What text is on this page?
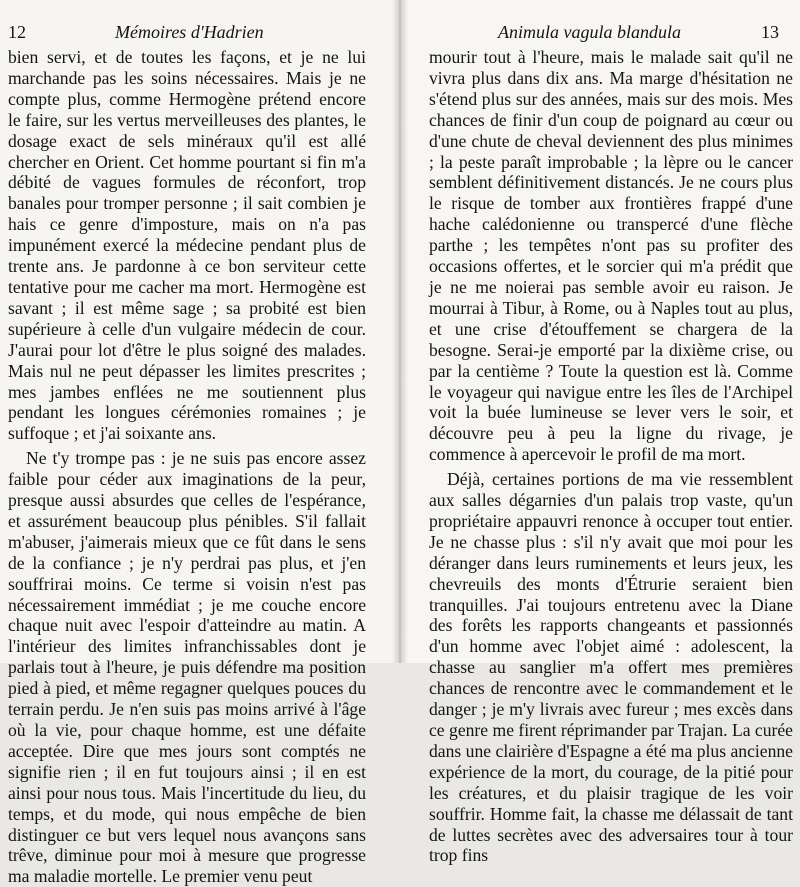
12	Mémoires d'Hadrien

bien servi, et de toutes les façons, et je ne lui marchande pas les soins nécessaires. Mais je ne compte plus, comme Hermogène prétend encore le faire, sur les vertus merveilleuses des plantes, le dosage exact de sels minéraux qu'il est allé chercher en Orient. Cet homme pourtant si fin m'a débité de vagues formules de réconfort, trop banales pour tromper personne ; il sait combien je hais ce genre d'imposture, mais on n'a pas impunément exercé la médecine pendant plus de trente ans. Je pardonne à ce bon serviteur cette tentative pour me cacher ma mort. Hermogène est savant ; il est même sage ; sa probité est bien supérieure à celle d'un vulgaire médecin de cour. J'aurai pour lot d'être le plus soigné des malades. Mais nul ne peut dépasser les limites prescrites ; mes jambes enflées ne me soutiennent plus pendant les longues cérémonies romaines ; je suffoque ; et j'ai soixante ans.

Ne t'y trompe pas : je ne suis pas encore assez faible pour céder aux imaginations de la peur, presque aussi absurdes que celles de l'espérance, et assurément beaucoup plus pénibles. S'il fallait m'abuser, j'aimerais mieux que ce fût dans le sens de la confiance ; je n'y perdrai pas plus, et j'en souffrirai moins. Ce terme si voisin n'est pas nécessairement immédiat ; je me couche encore chaque nuit avec l'espoir d'atteindre au matin. A l'intérieur des limites infranchissables dont je parlais tout à l'heure, je puis défendre ma position pied à pied, et même regagner quelques pouces du terrain perdu. Je n'en suis pas moins arrivé à l'âge où la vie, pour chaque homme, est une défaite acceptée. Dire que mes jours sont comptés ne signifie rien ; il en fut toujours ainsi ; il en est ainsi pour nous tous. Mais l'incertitude du lieu, du temps, et du mode, qui nous empêche de bien distinguer ce but vers lequel nous avançons sans trêve, diminue pour moi à mesure que progresse ma maladie mortelle. Le premier venu peut

Animula vagula blandula	13

mourir tout à l'heure, mais le malade sait qu'il ne vivra plus dans dix ans. Ma marge d'hésitation ne s'étend plus sur des années, mais sur des mois. Mes chances de finir d'un coup de poignard au cœur ou d'une chute de cheval deviennent des plus minimes ; la peste paraît improbable ; la lèpre ou le cancer semblent définitivement distancés. Je ne cours plus le risque de tomber aux frontières frappé d'une hache calédonienne ou transpercé d'une flèche parthe ; les tempêtes n'ont pas su profiter des occasions offertes, et le sorcier qui m'a prédit que je ne me noierai pas semble avoir eu raison. Je mourrai à Tibur, à Rome, ou à Naples tout au plus, et une crise d'étouffement se chargera de la besogne. Serai-je emporté par la dixième crise, ou par la centième ? Toute la question est là. Comme le voyageur qui navigue entre les îles de l'Archipel voit la buée lumineuse se lever vers le soir, et découvre peu à peu la ligne du rivage, je commence à apercevoir le profil de ma mort.

Déjà, certaines portions de ma vie ressemblent aux salles dégarnies d'un palais trop vaste, qu'un propriétaire appauvri renonce à occuper tout entier. Je ne chasse plus : s'il n'y avait que moi pour les déranger dans leurs ruminements et leurs jeux, les chevreuils des monts d'Étrurie seraient bien tranquilles. J'ai toujours entretenu avec la Diane des forêts les rapports changeants et passionnés d'un homme avec l'objet aimé : adolescent, la chasse au sanglier m'a offert mes premières chances de rencontre avec le commandement et le danger ; je m'y livrais avec fureur ; mes excès dans ce genre me firent réprimander par Trajan. La curée dans une clairière d'Espagne a été ma plus ancienne expérience de la mort, du courage, de la pitié pour les créatures, et du plaisir tragique de les voir souffrir. Homme fait, la chasse me délassait de tant de luttes secrètes avec des adversaires tour à tour trop fins
